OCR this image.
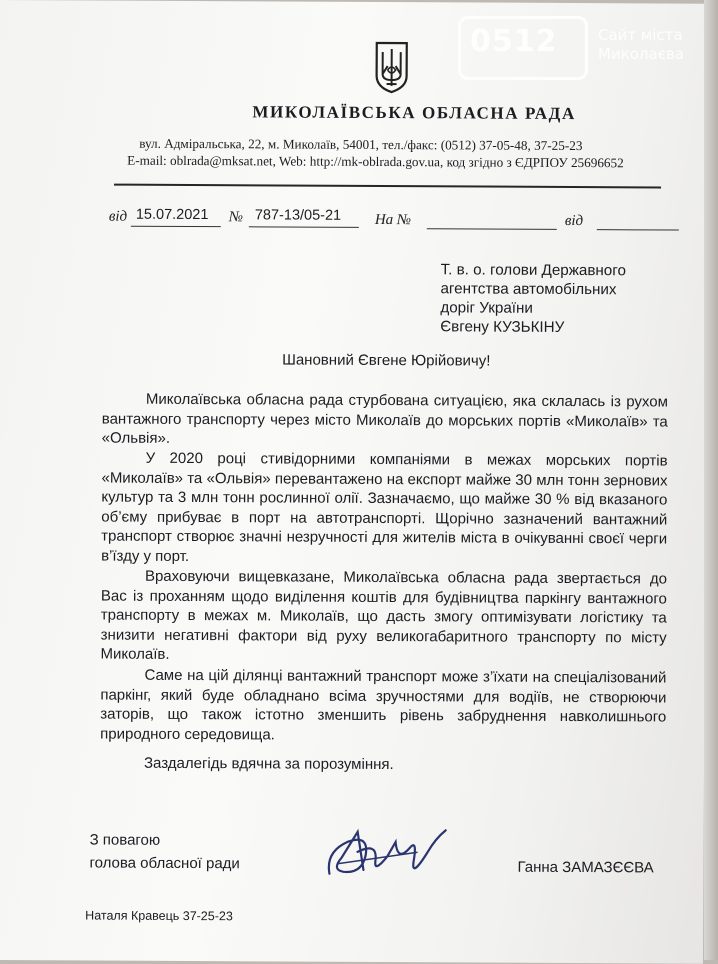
МИКОЛАЇВСЬКА ОБЛАСНА РАДА
вул. Адміральська, 22, м. Миколаїв, 54001, тел./факс: (0512) 37-05-48, 37-25-23
E-mail: oblrada@mksat.net, Web: http://mk-oblrada.gov.ua, код згідно з ЄДРПОУ 25696652
від 15.07.2021 № 787-13/05-21 На №	від
Т. в. о. голови Державного
агентства автомобільних
доріг України
Євгену КУЗЬКІНУ
Шановний Євгене Юрійовичу!
Миколаївська обласна рада стурбована ситуацією, яка склалась із рухом вантажного транспорту через місто Миколаїв до морських портів «Миколаїв» та «Ольвія».
У 2020 році стивідорними компаніями в межах морських портів «Миколаїв» та «Ольвія» перевантажено на експорт майже 30 млн тонн зернових культур та 3 млн тонн рослинної олії. Зазначаємо, що майже 30 % від вказаного об’єму прибуває в порт на автотранспорті. Щорічно зазначений вантажний транспорт створює значні незручності для жителів міста в очікуванні своєї черги в’їзду у порт.
Враховуючи вищевказане, Миколаївська обласна рада звертається до Вас із проханням щодо виділення коштів для будівництва паркінгу вантажного транспорту в межах м. Миколаїв, що дасть змогу оптимізувати логістику та знизити негативні фактори від руху великогабаритного транспорту по місту Миколаїв.
Саме на цій ділянці вантажний транспорт може з’їхати на спеціалізований паркінг, який буде обладнано всіма зручностями для водіїв, не створюючи заторів, що також істотно зменшить рівень забруднення навколишнього природного середовища.
Заздалегідь вдячна за порозуміння.
З повагою
голова обласної ради	Ганна ЗАМАЗЄЄВА
Наталя Кравець 37-25-23
0512	Сайт міста
Миколаєва
